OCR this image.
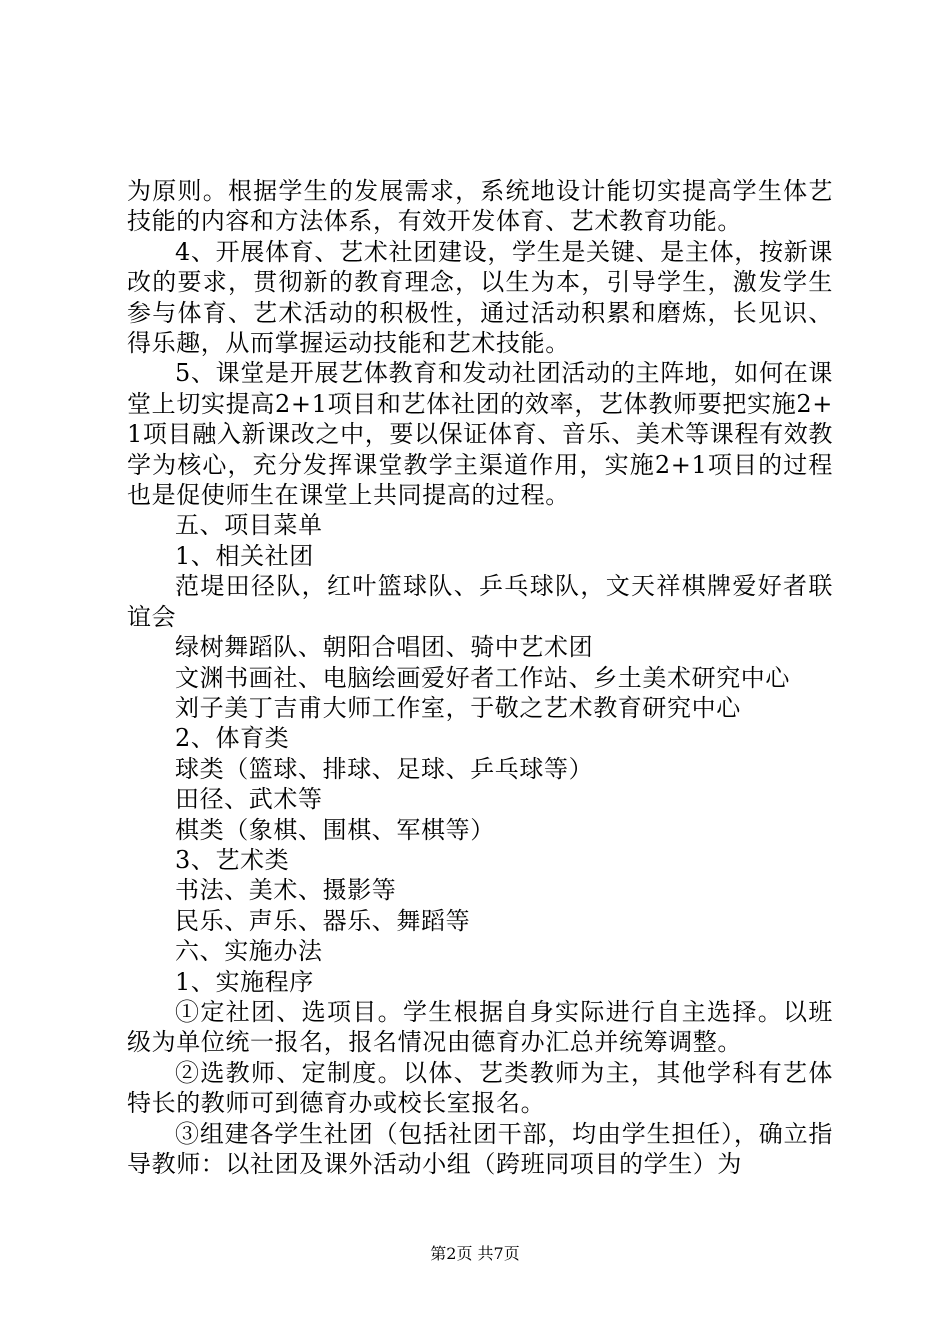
为原则。根据学生的发展需求，系统地设计能切实提高学生体艺技能的内容和方法体系，有效开发体育、艺术教育功能。

4、开展体育、艺术社团建设，学生是关键、是主体，按新课改的要求，贯彻新的教育理念，以生为本，引导学生，激发学生参与体育、艺术活动的积极性，通过活动积累和磨炼，长见识、得乐趣，从而掌握运动技能和艺术技能。

5、课堂是开展艺体教育和发动社团活动的主阵地，如何在课堂上切实提高2+1项目和艺体社团的效率，艺体教师要把实施2+1项目融入新课改之中，要以保证体育、音乐、美术等课程有效教学为核心，充分发挥课堂教学主渠道作用，实施2+1项目的过程也是促使师生在课堂上共同提高的过程。

五、项目菜单

1、相关社团

范堤田径队，红叶篮球队、乒乓球队，文天祥棋牌爱好者联谊会

绿树舞蹈队、朝阳合唱团、骑中艺术团

文渊书画社、电脑绘画爱好者工作站、乡土美术研究中心

刘子美丁吉甫大师工作室，于敬之艺术教育研究中心

2、体育类

球类（篮球、排球、足球、乒乓球等）

田径、武术等

棋类（象棋、围棋、军棋等）

3、艺术类

书法、美术、摄影等

民乐、声乐、器乐、舞蹈等

六、实施办法

1、实施程序

①定社团、选项目。学生根据自身实际进行自主选择。以班级为单位统一报名，报名情况由德育办汇总并统筹调整。

②选教师、定制度。以体、艺类教师为主，其他学科有艺体特长的教师可到德育办或校长室报名。

③组建各学生社团（包括社团干部，均由学生担任），确立指导教师：以社团及课外活动小组（跨班同项目的学生）为

第2页 共7页
